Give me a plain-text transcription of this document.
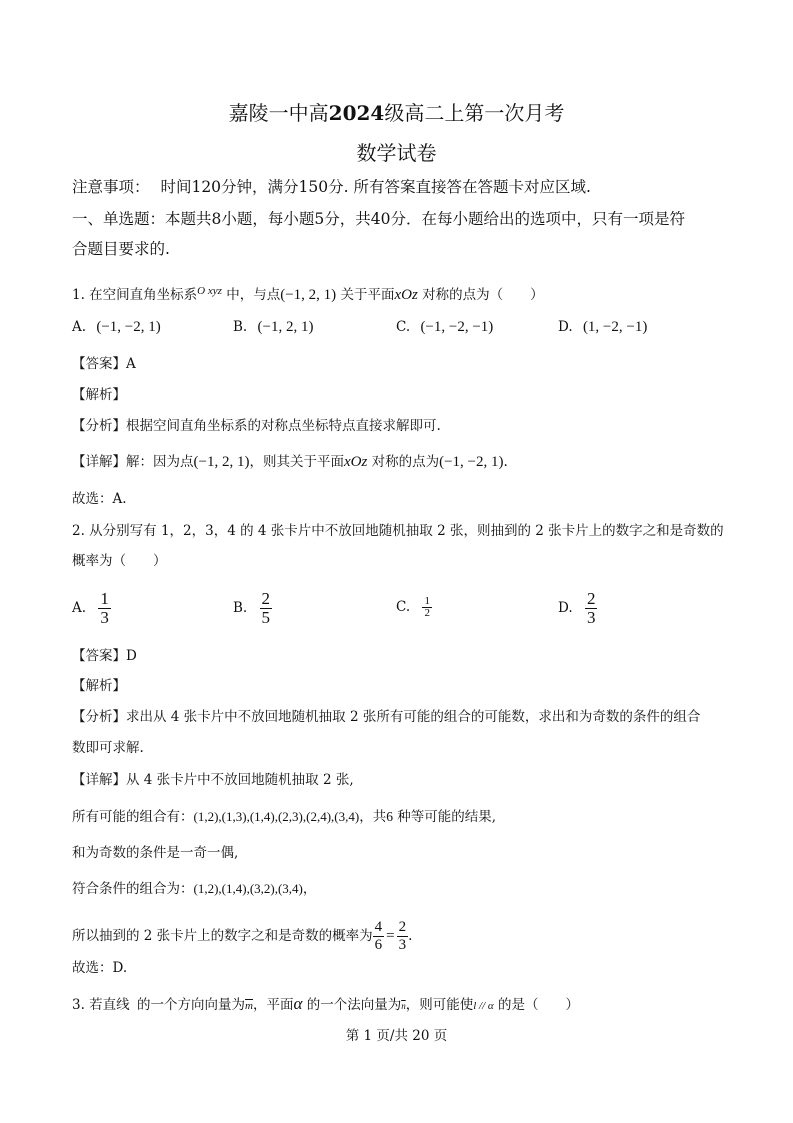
嘉陵一中高2024级高二上第一次月考
数学试卷
注意事项： 时间120分钟，满分150分. 所有答案直接答在答题卡对应区域.
一、单选题：本题共8小题，每小题5分，共40分．在每小题给出的选项中，只有一项是符
合题目要求的.
1. 在空间直角坐标系$^{O xyz}$ 中，与点(−1, 2, 1) 关于平面xOz 对称的点为（　　）
A. (−1, −2, 1)	B. (−1, 2, 1)	C. (−1, −2, −1)	D. (1, −2, −1)
【答案】A
【解析】
【分析】根据空间直角坐标系的对称点坐标特点直接求解即可.
【详解】解：因为点(−1, 2, 1)，则其关于平面xOz 对称的点为(−1, −2, 1).
故选：A.
2. 从分别写有 1，2，3，4 的 4 张卡片中不放回地随机抽取 2 张，则抽到的 2 张卡片上的数字之和是奇数的
概率为（　　）
A. $\frac{1}{3}$	B. $\frac{2}{5}$	C. $\frac{1}{2}$	D. $\frac{2}{3}$
【答案】D
【解析】
【分析】求出从 4 张卡片中不放回地随机抽取 2 张所有可能的组合的可能数，求出和为奇数的条件的组合
数即可求解.
【详解】从 4 张卡片中不放回地随机抽取 2 张,
所有可能的组合有：(1,2),(1,3),(1,4),(2,3),(2,4),(3,4)，共6 种等可能的结果,
和为奇数的条件是一奇一偶,
符合条件的组合为：(1,2),(1,4),(3,2),(3,4)，
所以抽到的 2 张卡片上的数字之和是奇数的概率为 $\frac{4}{6} = \frac{2}{3}$ .
故选：D.
3. 若直线l 的一个方向向量为$\overline{m}$，平面α 的一个法向量为$\overline{n}$，则可能使l // α 的是（　　）
第 1 页/共 20 页
